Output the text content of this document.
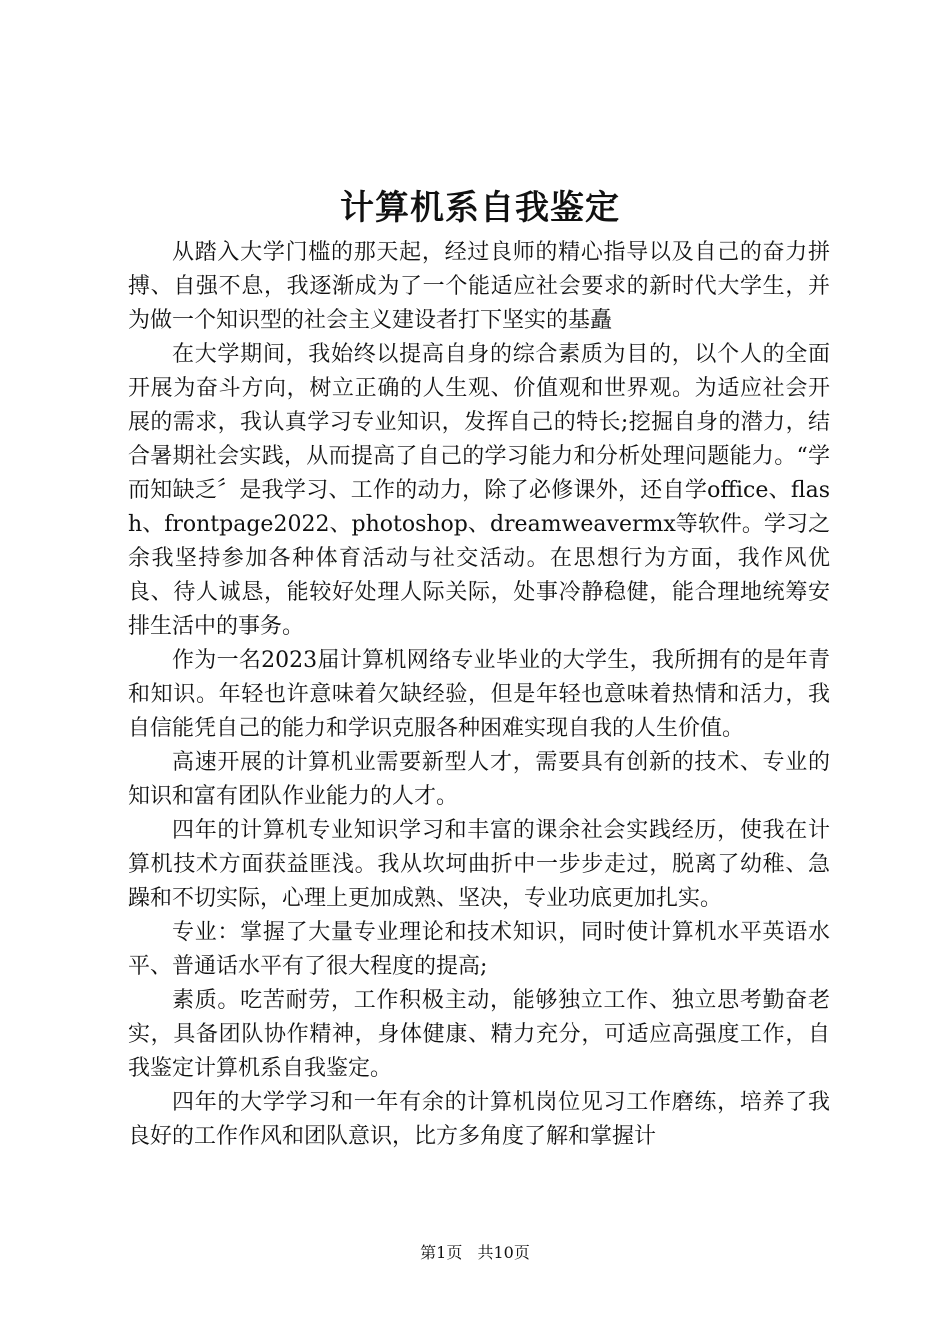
计算机系自我鉴定

从踏入大学门槛的那天起，经过良师的精心指导以及自己的奋力拼搏、自强不息，我逐渐成为了一个能适应社会要求的新时代大学生，并为做一个知识型的社会主义建设者打下坚实的基矗

在大学期间，我始终以提高自身的综合素质为目的，以个人的全面开展为奋斗方向，树立正确的人生观、价值观和世界观。为适应社会开展的需求，我认真学习专业知识，发挥自己的特长;挖掘自身的潜力，结合暑期社会实践，从而提高了自己的学习能力和分析处理问题能力。“学而知缺乏〞是我学习、工作的动力，除了必修课外，还自学office、flash、frontpage2022、photoshop、dreamweavermx等软件。学习之余我坚持参加各种体育活动与社交活动。在思想行为方面，我作风优良、待人诚恳，能较好处理人际关际，处事冷静稳健，能合理地统筹安排生活中的事务。

作为一名2023届计算机网络专业毕业的大学生，我所拥有的是年青和知识。年轻也许意味着欠缺经验，但是年轻也意味着热情和活力，我自信能凭自己的能力和学识克服各种困难实现自我的人生价值。

高速开展的计算机业需要新型人才，需要具有创新的技术、专业的知识和富有团队作业能力的人才。

四年的计算机专业知识学习和丰富的课余社会实践经历，使我在计算机技术方面获益匪浅。我从坎坷曲折中一步步走过，脱离了幼稚、急躁和不切实际，心理上更加成熟、坚决，专业功底更加扎实。

专业：掌握了大量专业理论和技术知识，同时使计算机水平英语水平、普通话水平有了很大程度的提高;

素质。吃苦耐劳，工作积极主动，能够独立工作、独立思考勤奋老实，具备团队协作精神，身体健康、精力充分，可适应高强度工作，自我鉴定计算机系自我鉴定。

四年的大学学习和一年有余的计算机岗位见习工作磨练，培养了我良好的工作作风和团队意识，比方多角度了解和掌握计

第1页 共10页
